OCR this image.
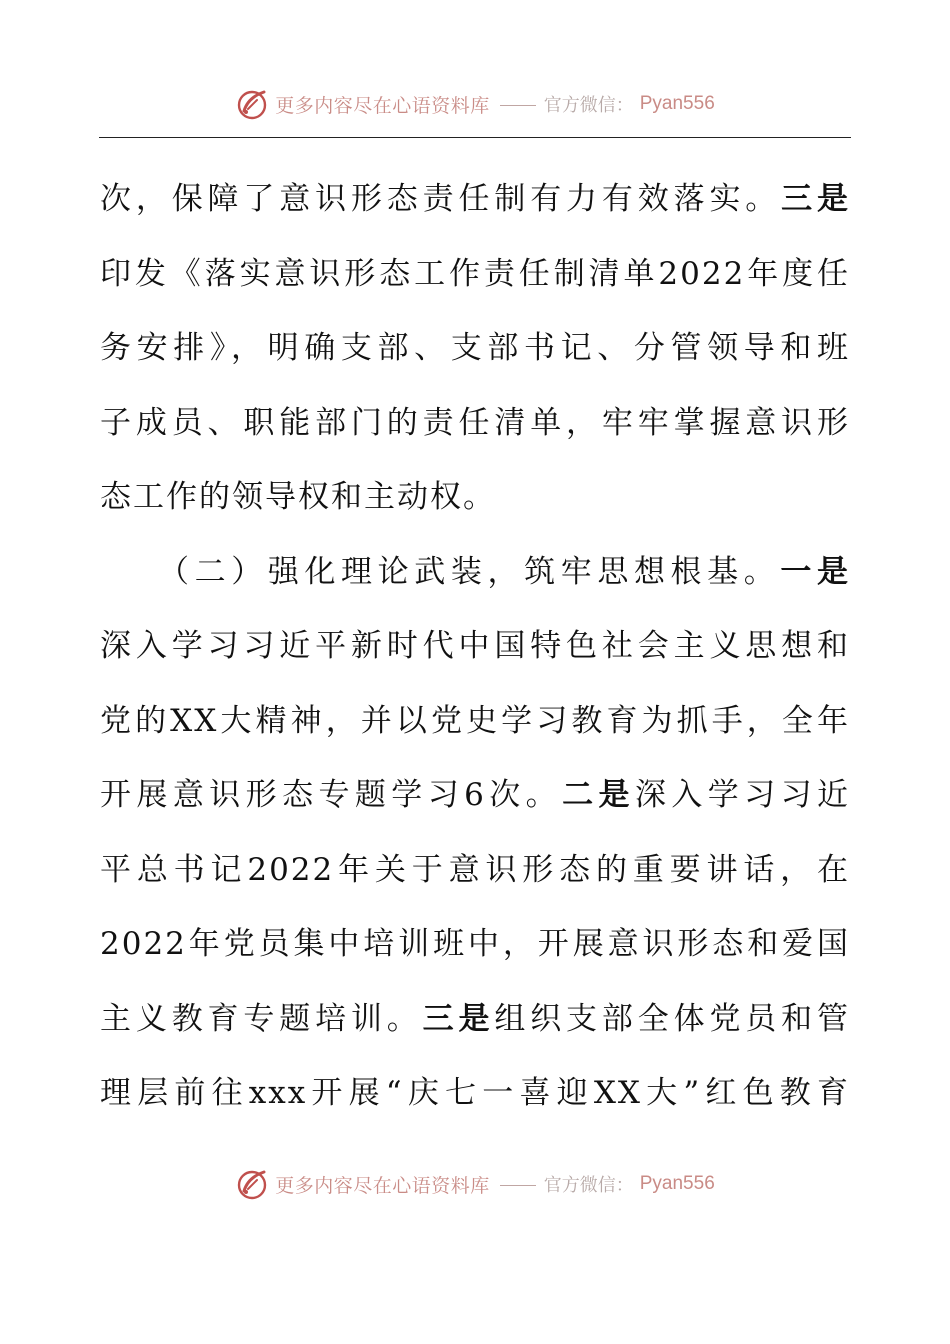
更多内容尽在心语资料库	官方微信： Pyan556
次，保障了意识形态责任制有力有效落实。三是
印发《落实意识形态工作责任制清单2022年度任
务安排》，明确支部、支部书记、分管领导和班
子成员、职能部门的责任清单，牢牢掌握意识形
态工作的领导权和主动权。
（二）强化理论武装，筑牢思想根基。一是
深入学习习近平新时代中国特色社会主义思想和
党的XX大精神，并以党史学习教育为抓手，全年
开展意识形态专题学习6次。二是深入学习习近
平总书记2022年关于意识形态的重要讲话，在
2022年党员集中培训班中，开展意识形态和爱国
主义教育专题培训。三是组织支部全体党员和管
理层前往xxx开展“庆七一喜迎XX大”红色教育
更多内容尽在心语资料库	官方微信： Pyan556
